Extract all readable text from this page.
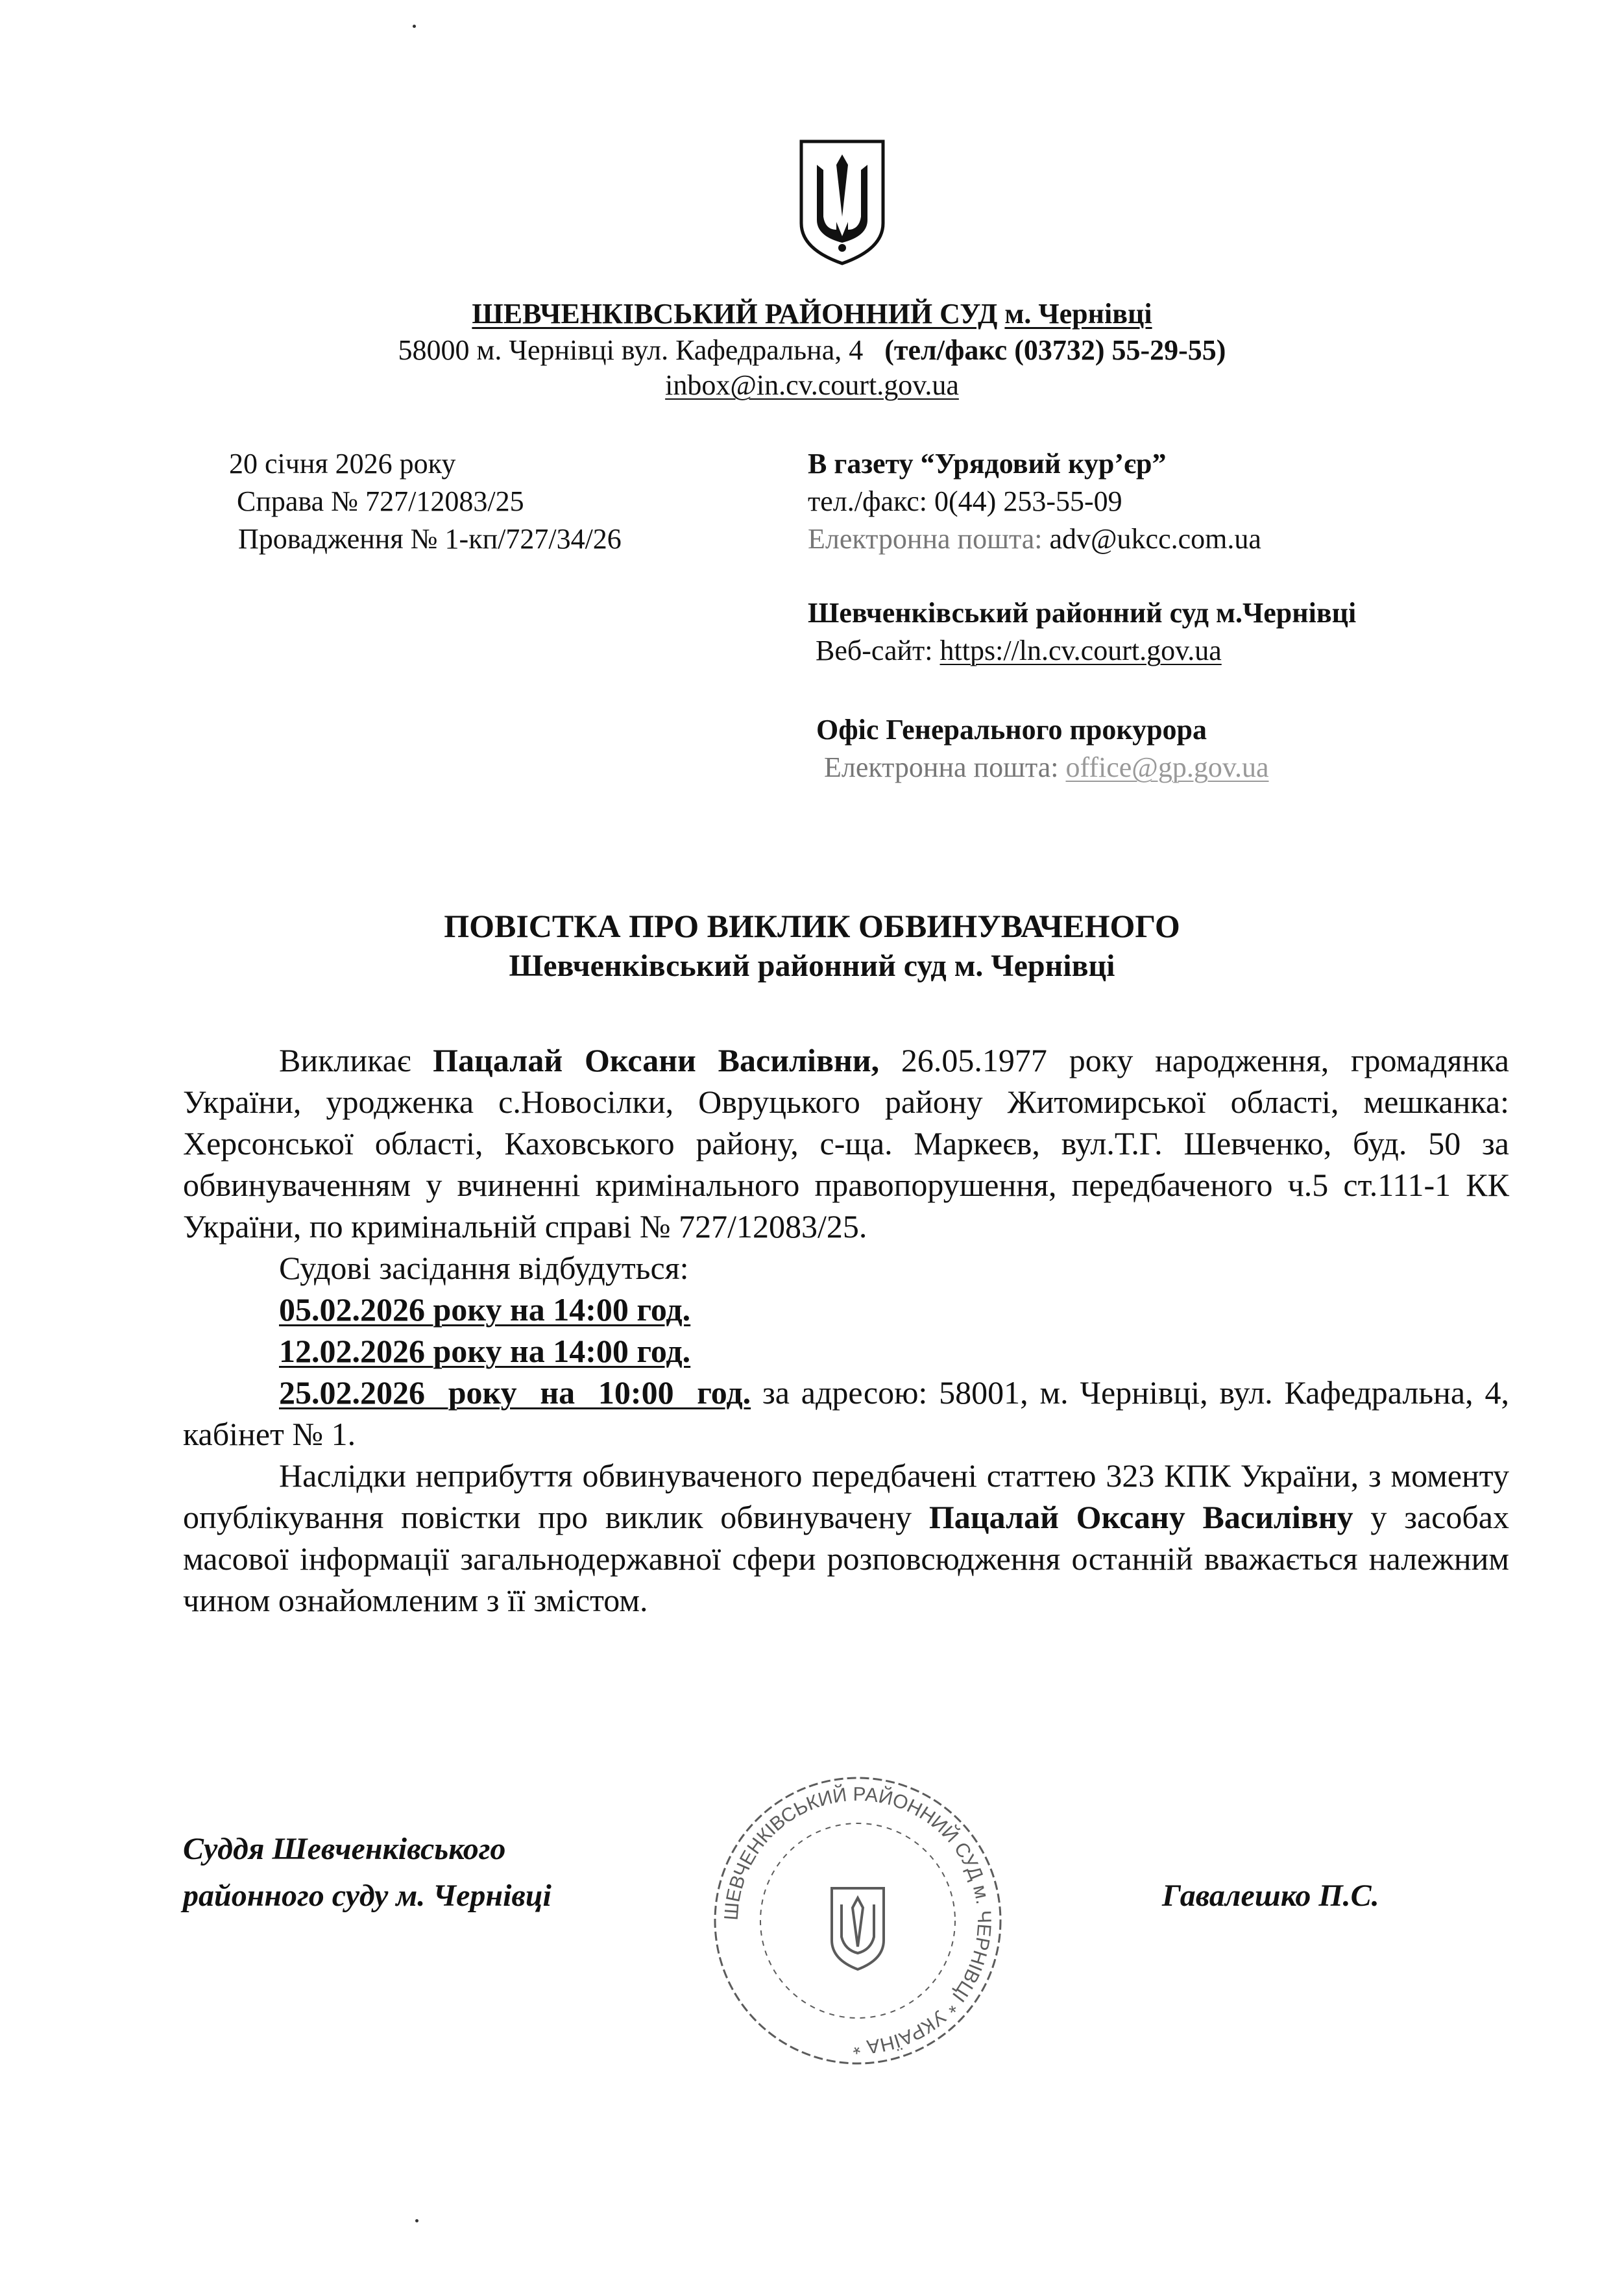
ШЕВЧЕНКІВСЬКИЙ РАЙОННИЙ СУД м. Чернівці
58000 м. Чернівці вул. Кафедральна, 4 (тел/факс (03732) 55-29-55)
inbox@in.cv.court.gov.ua
20 січня 2026 року
Справа № 727/12083/25
Провадження № 1-кп/727/34/26
В газету “Урядовий кур’єр”
тел./факс: 0(44) 253-55-09
Електронна пошта: adv@ukcc.com.ua
Шевченківський районний суд м.Чернівці
Веб-сайт: https://ln.cv.court.gov.ua
Офіс Генерального прокурора
Електронна пошта: office@gp.gov.ua
ПОВІСТКА ПРО ВИКЛИК ОБВИНУВАЧЕНОГО
Шевченківський районний суд м. Чернівці

Викликає Пацалай Оксани Василівни, 26.05.1977 року народження, громадянка України, уродженка с.Новосілки, Овруцького району Житомирської області, мешканка: Херсонської області, Каховського району, с-ща. Маркеєв, вул.Т.Г. Шевченко, буд. 50 за обвинуваченням у вчиненні кримінального правопорушення, передбаченого ч.5 ст.111-1 КК України, по кримінальній справі № 727/12083/25.

Судові засідання відбудуться:

05.02.2026 року на 14:00 год.

12.02.2026 року на 14:00 год.

25.02.2026  року  на  10:00  год. за адресою: 58001, м. Чернівці, вул. Кафедральна, 4, кабінет № 1.

Наслідки неприбуття обвинуваченого передбачені статтею 323 КПК України, з моменту опублікування повістки про виклик обвинувачену Пацалай Оксану Василівну у засобах масової інформації загальнодержавної сфери розповсюдження останній вважається належним чином ознайомленим з її змістом.

Суддя Шевченківського
районного суду м. Чернівці	Гавалешко П.С.
ШЕВЧЕНКІВСЬКИЙ РАЙОННИЙ СУД м. ЧЕРНІВЦІ * УКРАЇНА *
